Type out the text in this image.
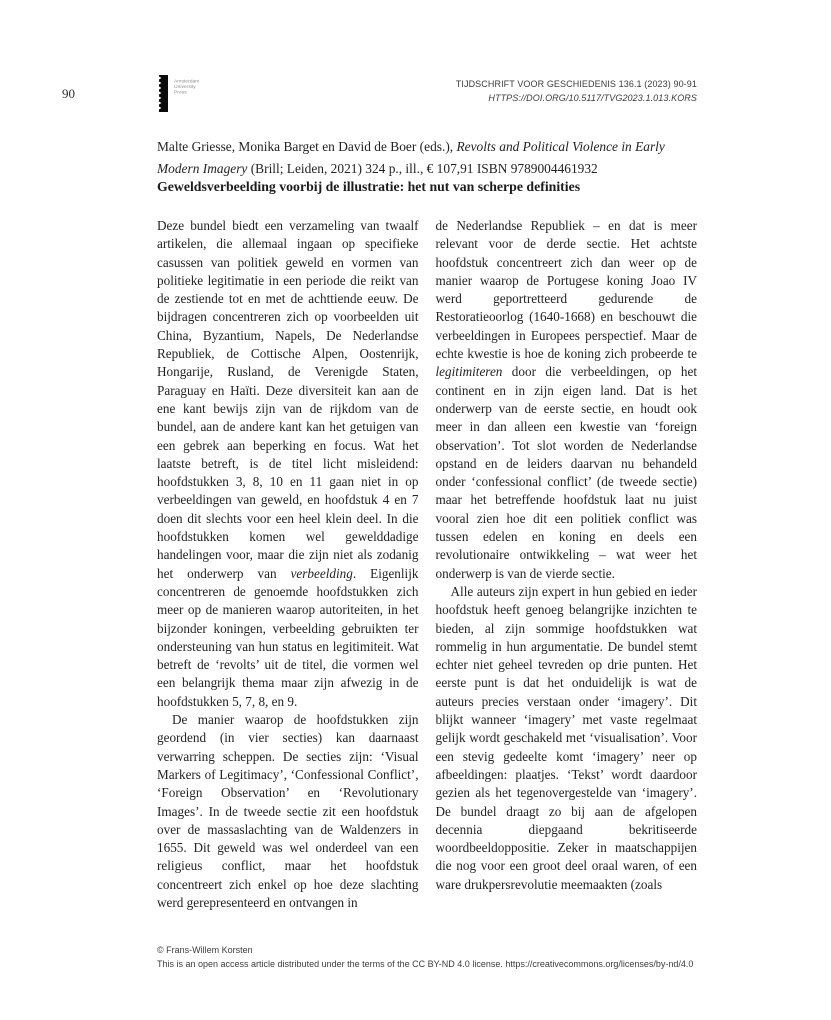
90
Amsterdam
University
Press
TIJDSCHRIFT VOOR GESCHIEDENIS 136.1 (2023) 90-91
HTTPS://DOI.ORG/10.5117/TVG2023.1.013.KORS

Malte Griesse, Monika Barget en David de Boer (eds.), Revolts and Political Violence in Early Modern Imagery (Brill; Leiden, 2021) 324 p., ill., € 107,91 ISBN 9789004461932

Geweldsverbeelding voorbij de illustratie: het nut van scherpe definities

Deze bundel biedt een verzameling van twaalf artikelen, die allemaal ingaan op specifieke casussen van politiek geweld en vormen van politieke legitimatie in een periode die reikt van de zestiende tot en met de achttiende eeuw. De bijdragen concentreren zich op voorbeelden uit China, Byzantium, Napels, De Nederlandse Republiek, de Cottische Alpen, Oostenrijk, Hongarije, Rusland, de Verenigde Staten, Paraguay en Haïti. Deze diversiteit kan aan de ene kant bewijs zijn van de rijkdom van de bundel, aan de andere kant kan het getuigen van een gebrek aan beperking en focus. Wat het laatste betreft, is de titel licht misleidend: hoofdstukken 3, 8, 10 en 11 gaan niet in op verbeeldingen van geweld, en hoofdstuk 4 en 7 doen dit slechts voor een heel klein deel. In die hoofdstukken komen wel gewelddadige handelingen voor, maar die zijn niet als zodanig het onderwerp van verbeelding. Eigenlijk concentreren de genoemde hoofdstukken zich meer op de manieren waarop autoriteiten, in het bijzonder koningen, verbeelding gebruikten ter ondersteuning van hun status en legitimiteit. Wat betreft de ‘revolts’ uit de titel, die vormen wel een belangrijk thema maar zijn afwezig in de hoofdstukken 5, 7, 8, en 9.

De manier waarop de hoofdstukken zijn geordend (in vier secties) kan daarnaast verwarring scheppen. De secties zijn: ‘Visual Markers of Legitimacy’, ‘Confessional Conflict’, ‘Foreign Observation’ en ‘Revolutionary Images’. In de tweede sectie zit een hoofdstuk over de massaslachting van de Waldenzers in 1655. Dit geweld was wel onderdeel van een religieus conflict, maar het hoofdstuk concentreert zich enkel op hoe deze slachting werd gerepresenteerd en ontvangen in

de Nederlandse Republiek – en dat is meer relevant voor de derde sectie. Het achtste hoofdstuk concentreert zich dan weer op de manier waarop de Portugese koning Joao IV werd geportretteerd gedurende de Restoratieoorlog (1640-1668) en beschouwt die verbeeldingen in Europees perspectief. Maar de echte kwestie is hoe de koning zich probeerde te legitimiteren door die verbeeldingen, op het continent en in zijn eigen land. Dat is het onderwerp van de eerste sectie, en houdt ook meer in dan alleen een kwestie van ‘foreign observation’. Tot slot worden de Nederlandse opstand en de leiders daarvan nu behandeld onder ‘confessional conflict’ (de tweede sectie) maar het betreffende hoofdstuk laat nu juist vooral zien hoe dit een politiek conflict was tussen edelen en koning en deels een revolutionaire ontwikkeling – wat weer het onderwerp is van de vierde sectie.

Alle auteurs zijn expert in hun gebied en ieder hoofdstuk heeft genoeg belangrijke inzichten te bieden, al zijn sommige hoofdstukken wat rommelig in hun argumentatie. De bundel stemt echter niet geheel tevreden op drie punten. Het eerste punt is dat het onduidelijk is wat de auteurs precies verstaan onder ‘imagery’. Dit blijkt wanneer ‘imagery’ met vaste regelmaat gelijk wordt geschakeld met ‘visualisation’. Voor een stevig gedeelte komt ‘imagery’ neer op afbeeldingen: plaatjes. ‘Tekst’ wordt daardoor gezien als het tegenovergestelde van ‘imagery’. De bundel draagt zo bij aan de afgelopen decennia diepgaand bekritiseerde woordbeeldoppositie. Zeker in maatschappijen die nog voor een groot deel oraal waren, of een ware drukpersrevolutie meemaakten (zoals

© Frans-Willem Korsten
This is an open access article distributed under the terms of the CC BY-ND 4.0 license. https://creativecommons.org/licenses/by-nd/4.0
